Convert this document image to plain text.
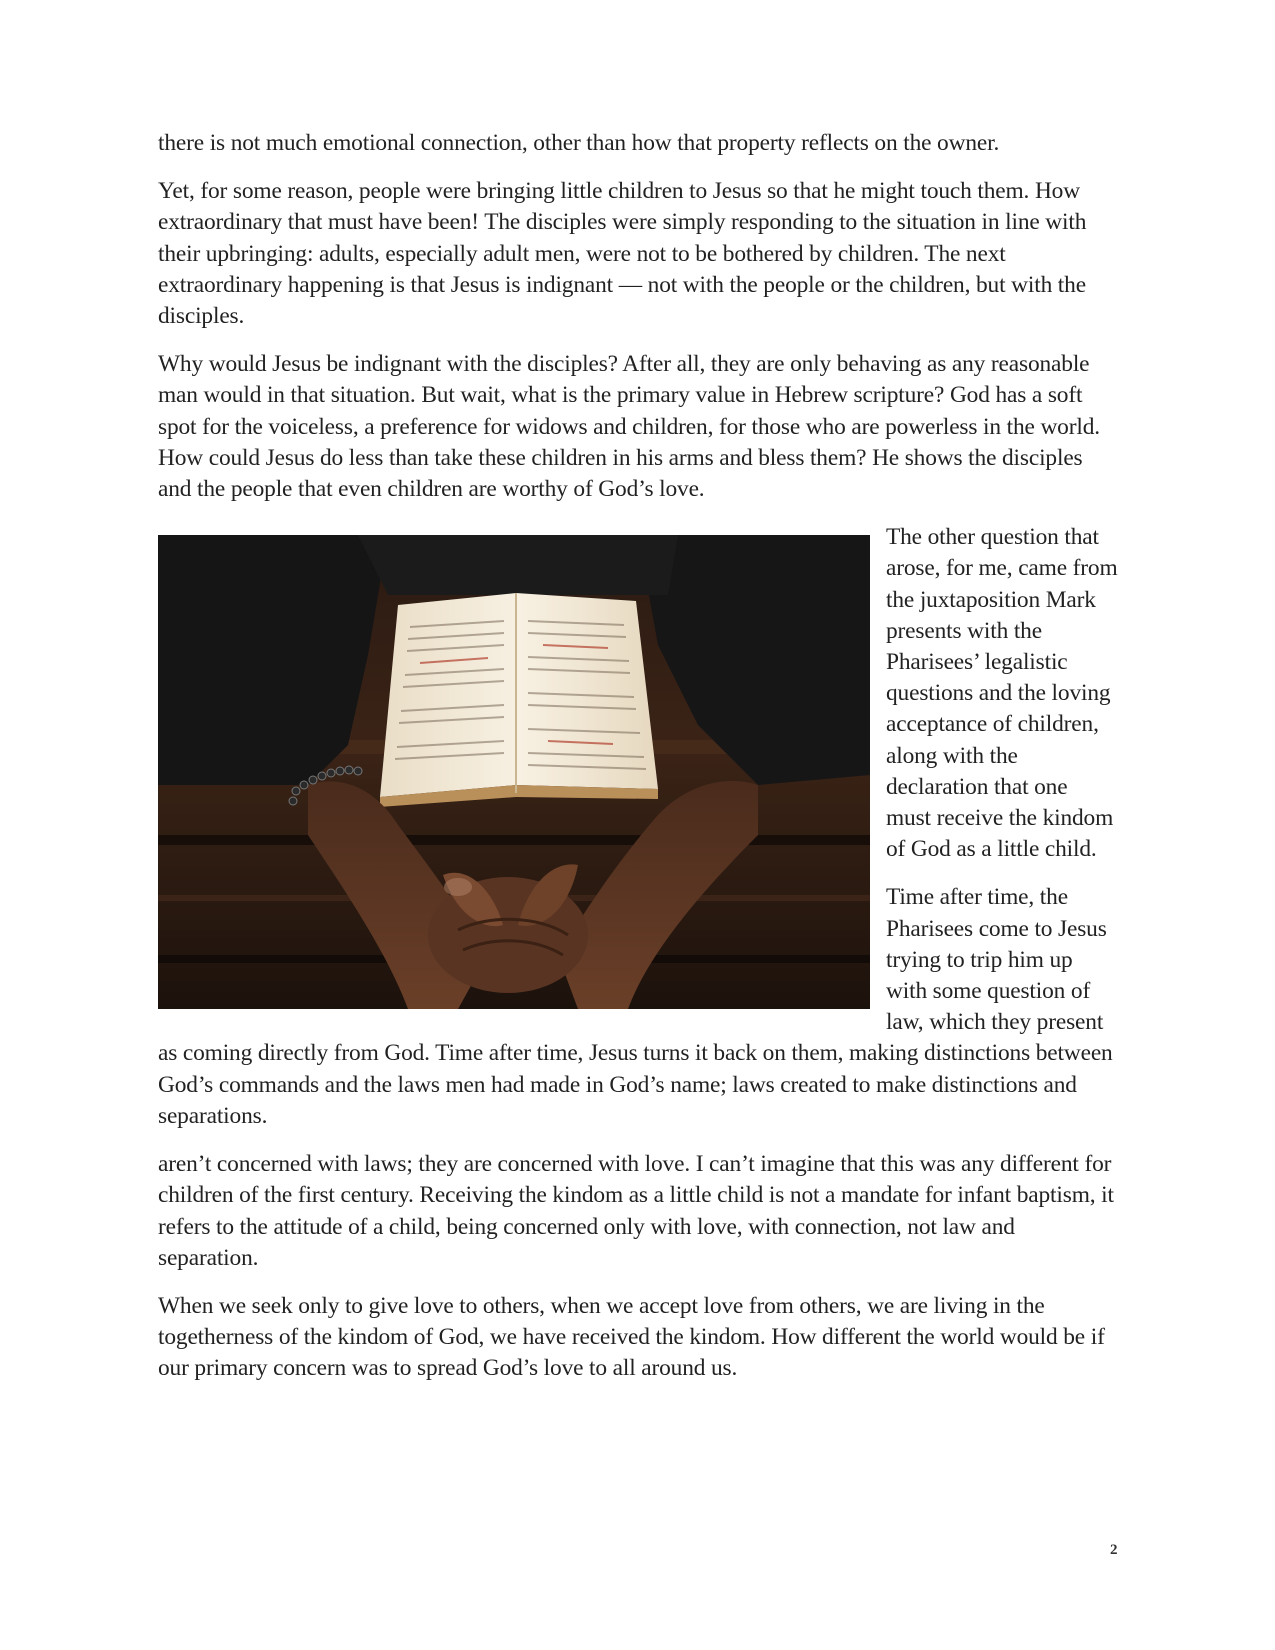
there is not much emotional connection, other than how that property reflects on the owner.

Yet, for some reason, people were bringing little children to Jesus so that he might touch them. How extraordinary that must have been! The disciples were simply responding to the situation in line with their upbringing: adults, especially adult men, were not to be bothered by children. The next extraordinary happening is that Jesus is indignant — not with the people or the children, but with the disciples.

Why would Jesus be indignant with the disciples? After all, they are only behaving as any reasonable man would in that situation. But wait, what is the primary value in Hebrew scripture? God has a soft spot for the voiceless, a preference for widows and children, for those who are powerless in the world. How could Jesus do less than take these children in his arms and bless them? He shows the disciples and the people that even children are worthy of God’s love.

The other question that arose, for me, came from the juxtaposition Mark presents with the Pharisees’ legalistic questions and the loving acceptance of children, along with the declaration that one must receive the kindom of God as a little child.

Time after time, the Pharisees come to Jesus trying to trip him up with some question of law, which they present as coming directly from God. Time after time, Jesus turns it back on them, making distinctions between God’s commands and the laws men had made in God’s name; laws created to make distinctions and separations.

aren’t concerned with laws; they are concerned with love. I can’t imagine that this was any different for children of the first century. Receiving the kindom as a little child is not a mandate for infant baptism, it refers to the attitude of a child, being concerned only with love, with connection, not law and separation.

When we seek only to give love to others, when we accept love from others, we are living in the togetherness of the kindom of God, we have received the kindom. How different the world would be if our primary concern was to spread God’s love to all around us.

2
